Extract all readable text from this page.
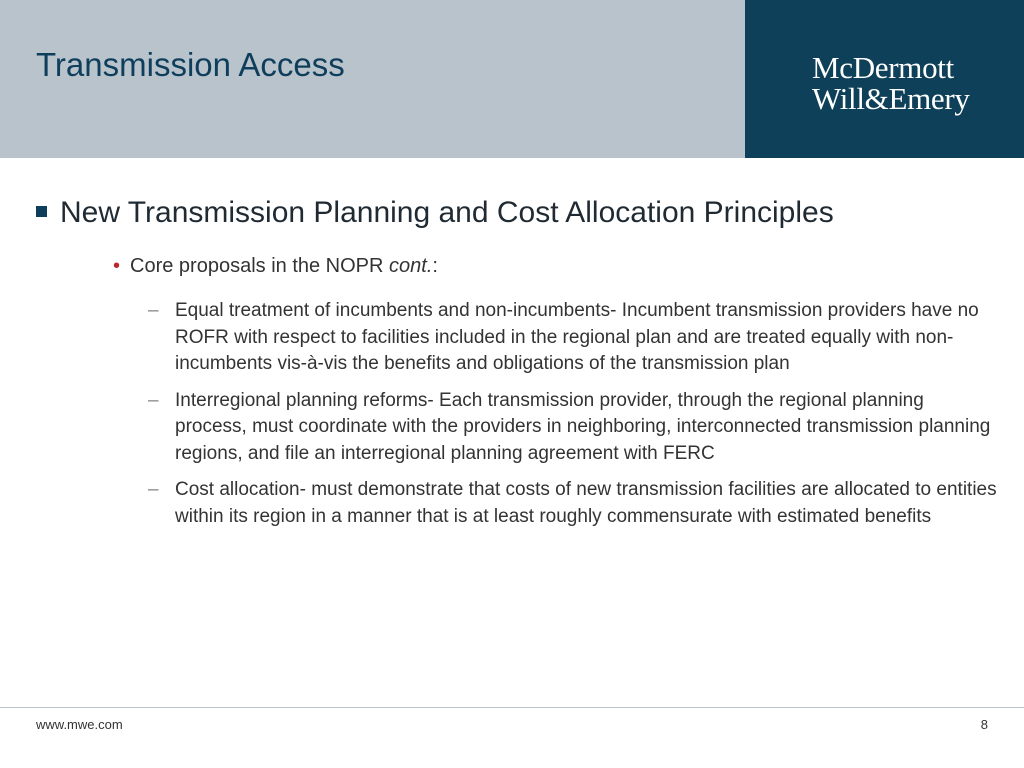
Transmission Access	McDermott
Will&Emery
New Transmission Planning and Cost Allocation Principles
• Core proposals in the NOPR cont.:
– Equal treatment of incumbents and non-incumbents- Incumbent transmission providers have no ROFR with respect to facilities included in the regional plan and are treated equally with non-incumbents vis-à-vis the benefits and obligations of the transmission plan
– Interregional planning reforms- Each transmission provider, through the regional planning process, must coordinate with the providers in neighboring, interconnected transmission planning regions, and file an interregional planning agreement with FERC
– Cost allocation- must demonstrate that costs of new transmission facilities are allocated to entities within its region in a manner that is at least roughly commensurate with estimated benefits
www.mwe.com	8
